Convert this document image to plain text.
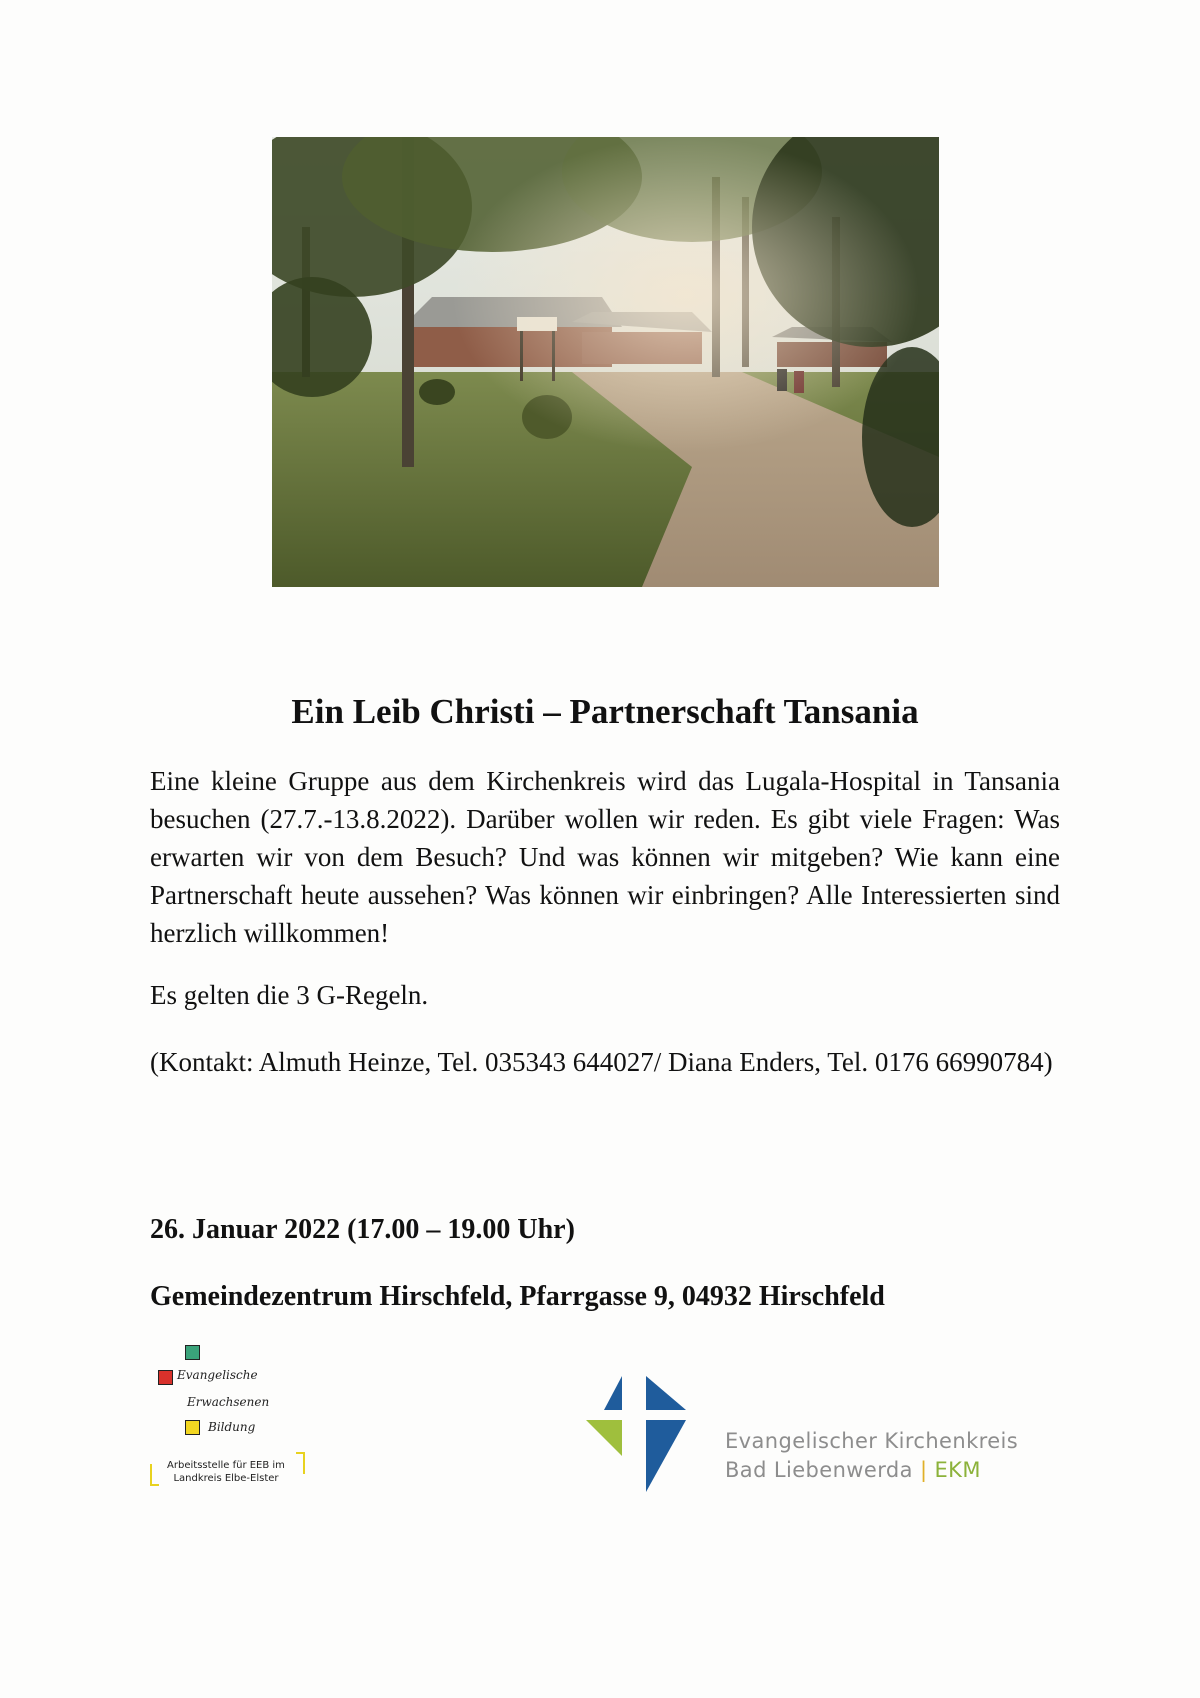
Ein Leib Christi – Partnerschaft Tansania

Eine kleine Gruppe aus dem Kirchenkreis wird das Lugala-Hospital in Tansania besuchen (27.7.-13.8.2022). Darüber wollen wir reden. Es gibt viele Fragen: Was erwarten wir von dem Besuch? Und was können wir mitgeben? Wie kann eine Partnerschaft heute aussehen? Was können wir einbringen? Alle Interessierten sind herzlich willkommen!

Es gelten die 3 G-Regeln.

(Kontakt: Almuth Heinze, Tel. 035343 644027/ Diana Enders, Tel. 0176 66990784)

26. Januar 2022 (17.00 – 19.00 Uhr)

Gemeindezentrum Hirschfeld, Pfarrgasse 9, 04932 Hirschfeld

Evangelische
Erwachsenen
Bildung

Arbeitsstelle für EEB im Landkreis Elbe-Elster

Evangelischer Kirchenkreis
Bad Liebenwerda | EKM
